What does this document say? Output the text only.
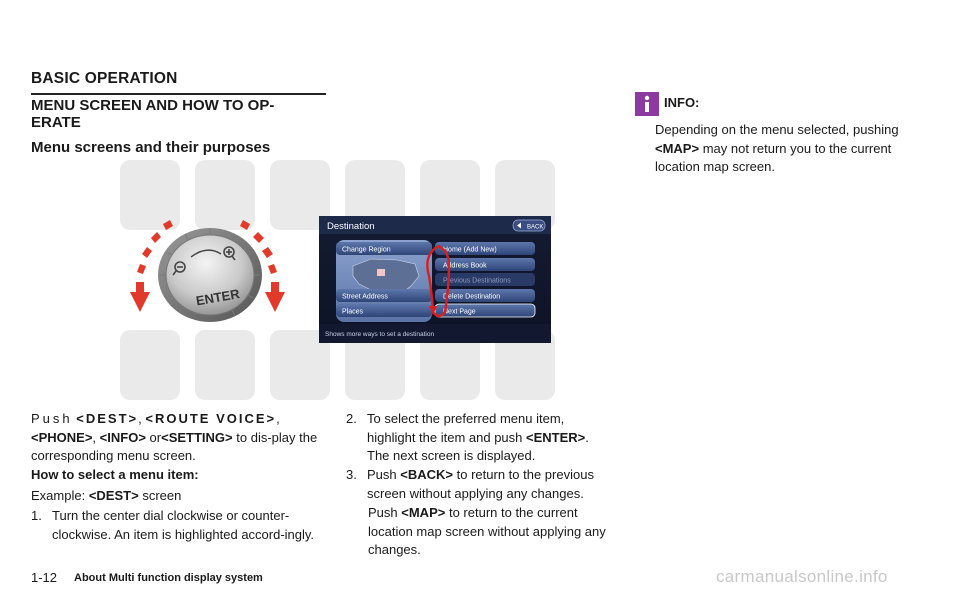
BASIC OPERATION
MENU SCREEN AND HOW TO OP-
ERATE
Menu screens and their purposes
ENTER
Destination	BACK
Change Region
Street Address
Places
Home (Add New)
Address Book
Previous Destinations
Delete Destination
Next Page
Shows more ways to set a destination
Push <DEST>, <ROUTE VOICE>, <PHONE>, <INFO> or<SETTING> to dis-play the corresponding menu screen.
How to select a menu item:
Example: <DEST> screen
1. Turn the center dial clockwise or counter-clockwise. An item is highlighted accord-ingly.
2. To select the preferred menu item, highlight the item and push <ENTER>. The next screen is displayed.
3. Push <BACK> to return to the previous screen without applying any changes.
Push <MAP> to return to the current location map screen without applying any changes.
INFO:
Depending on the menu selected, pushing <MAP> may not return you to the current location map screen.
1-12 About Multi function display system	carmanualsonline.info
